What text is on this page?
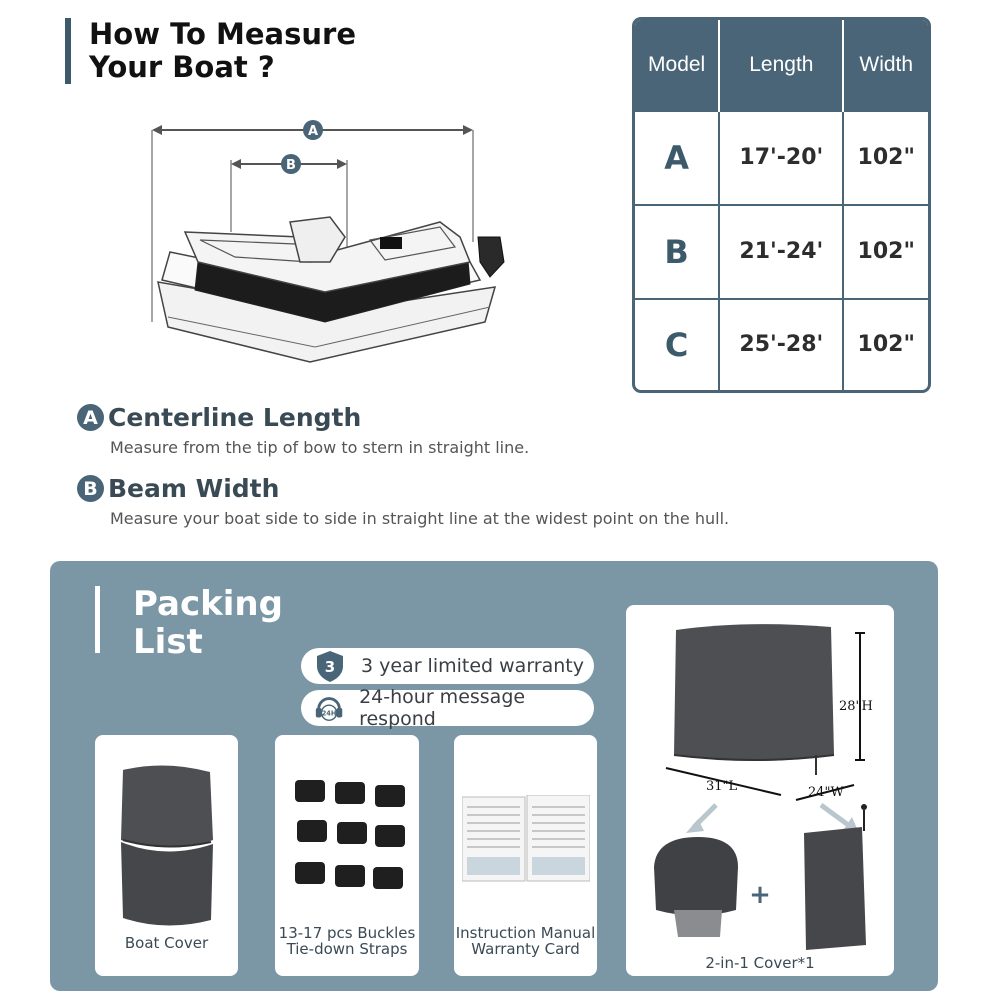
How To Measure
Your Boat ?
A
B
Model	Length	Width
A	17'-20'	102"
B	21'-24'	102"
C	25'-28'	102"
A Centerline Length
Measure from the tip of bow to stern in straight line.
B Beam Width
Measure your boat side to side in straight line at the widest point on the hull.
Packing
List
3 3 year limited warranty
24H
24-hour message respond
Boat Cover
13-17 pcs Buckles
Tie-down Straps
Instruction Manual
Warranty Card
28"H
31"L	24"W
+
2-in-1 Cover*1
